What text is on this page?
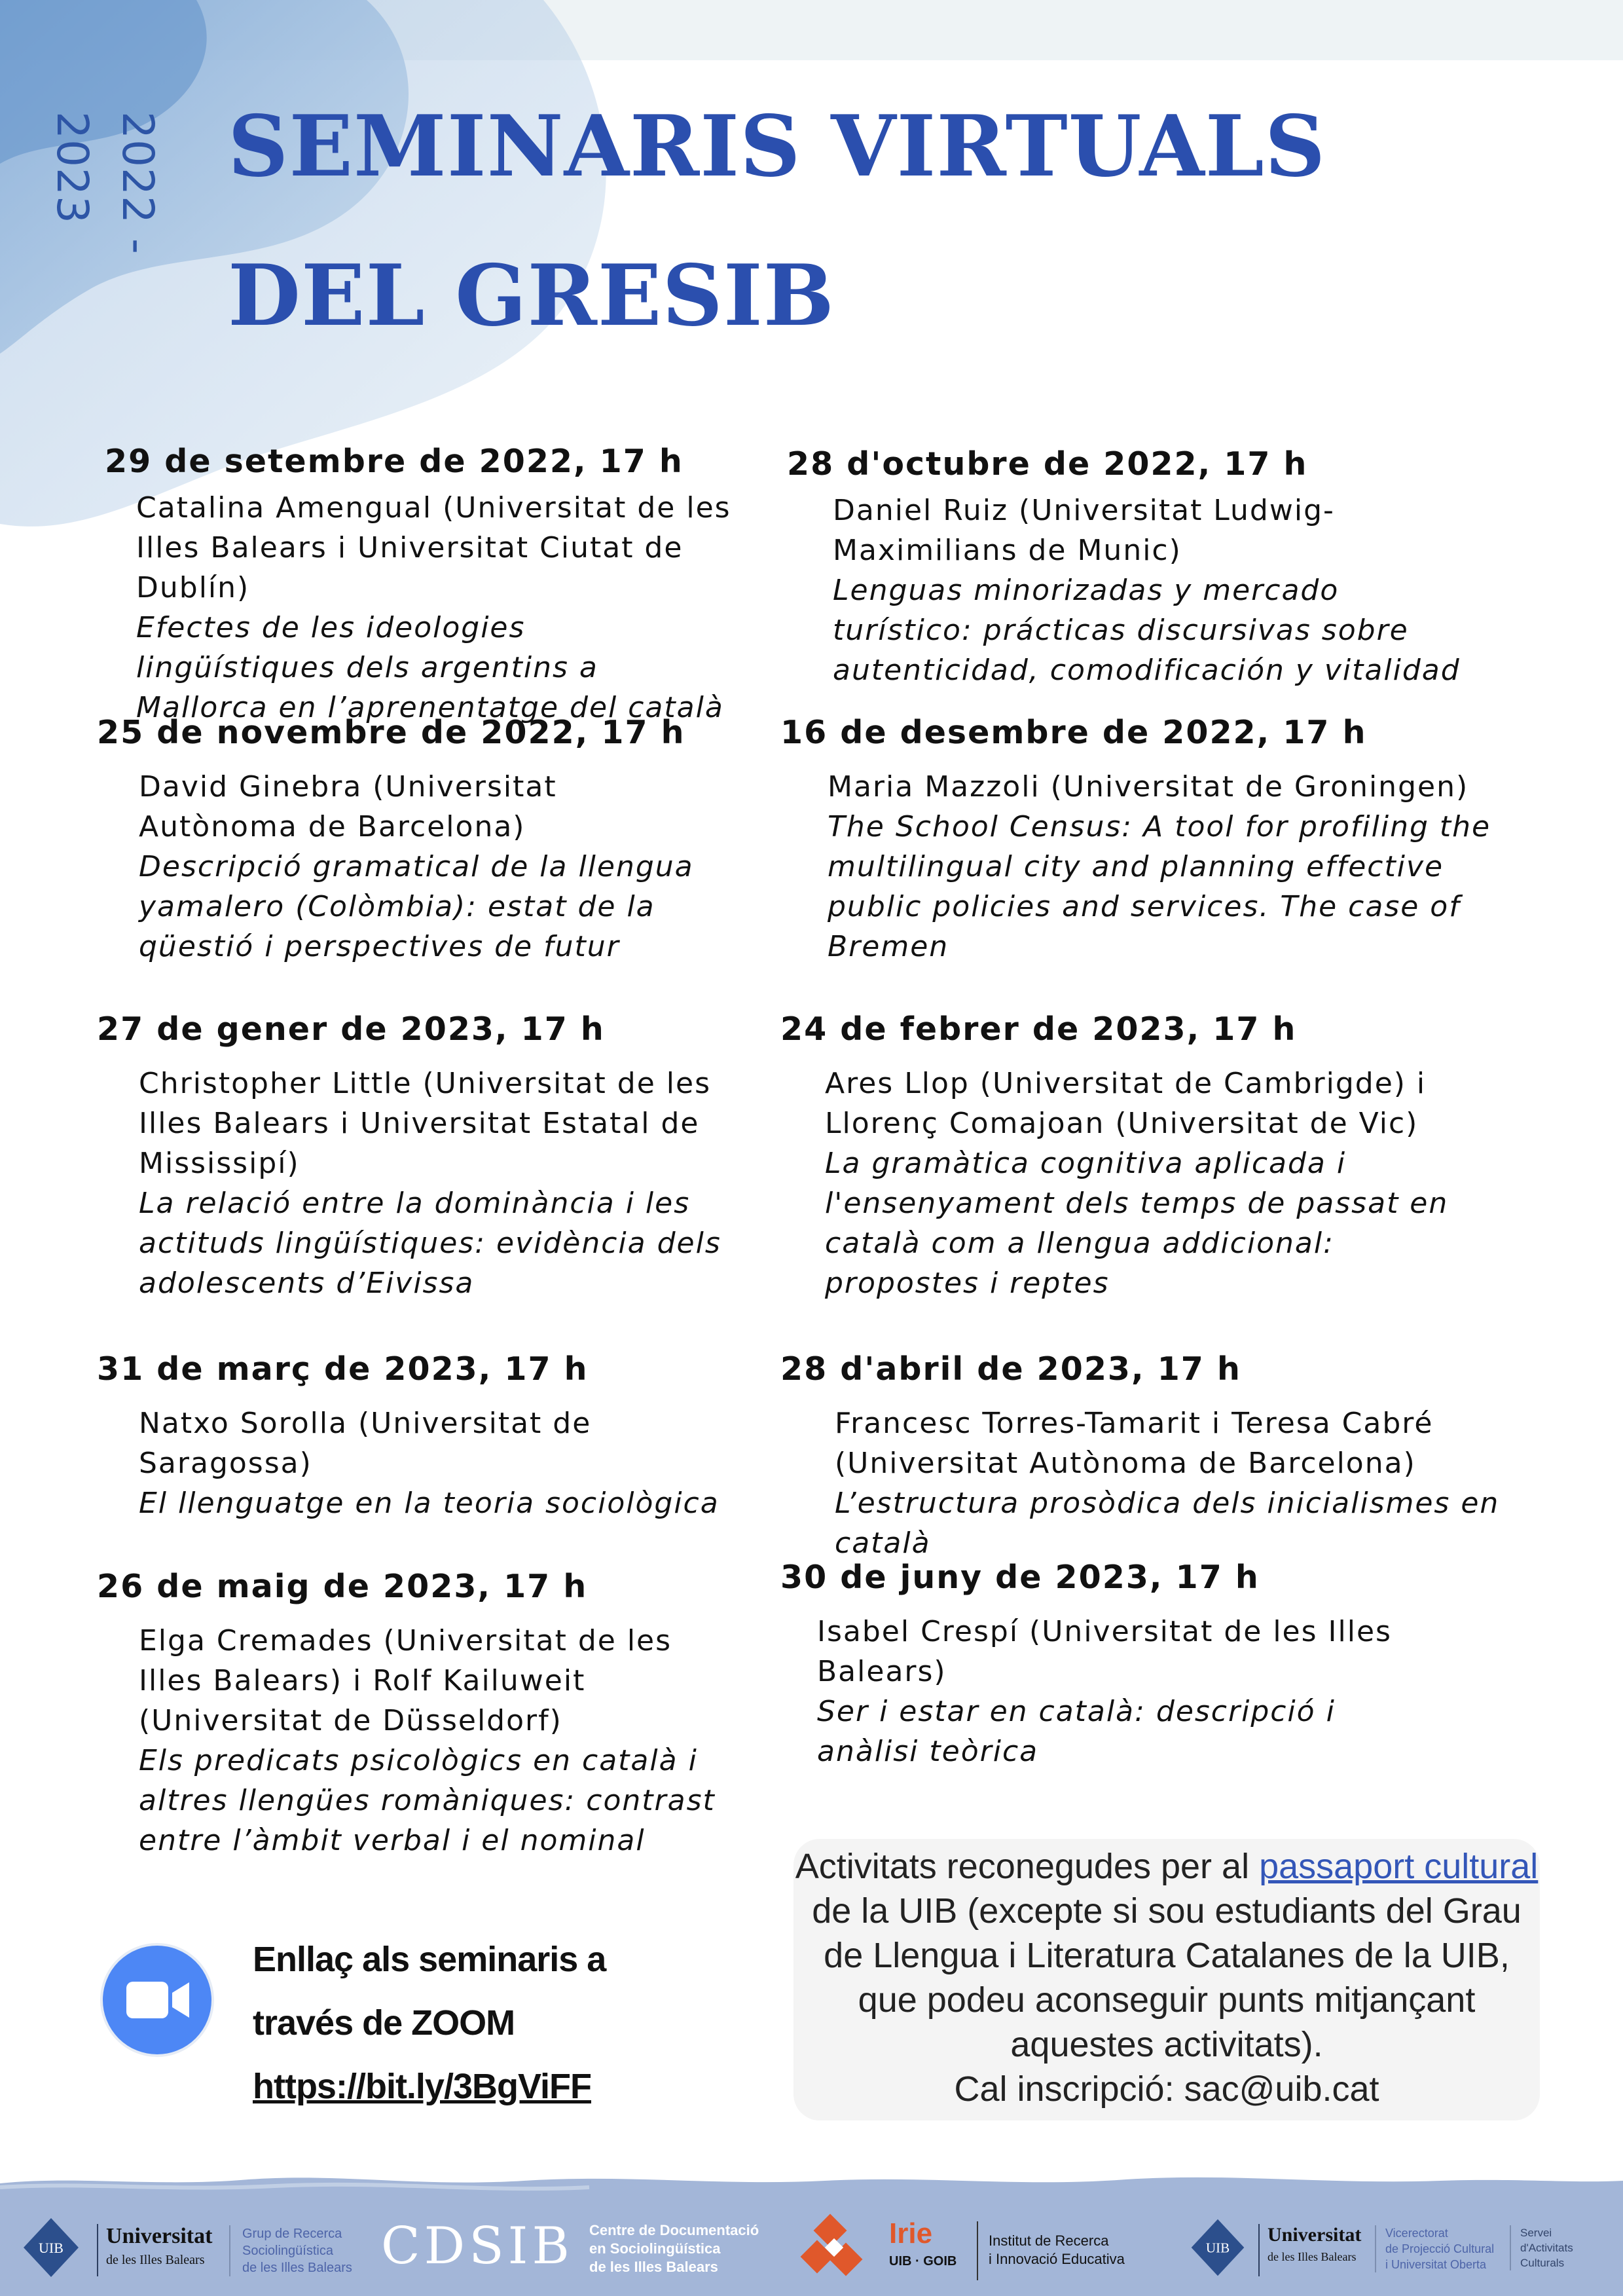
2022 - 2023	SEMINARIS VIRTUALS
DEL GRESIB
29 de setembre de 2022, 17 h
Catalina Amengual (Universitat de les Illes Balears i Universitat Ciutat de Dublín)
Efectes de les ideologies lingüístiques dels argentins a Mallorca en l’aprenentatge del català
25 de novembre de 2022, 17 h
David Ginebra (Universitat Autònoma de Barcelona)
Descripció gramatical de la llengua yamalero (Colòmbia): estat de la qüestió i perspectives de futur
27 de gener de 2023, 17 h
Christopher Little (Universitat de les Illes Balears i Universitat Estatal de Mississipí)
La relació entre la dominància i les actituds lingüístiques: evidència dels adolescents d’Eivissa
31 de març de 2023, 17 h
Natxo Sorolla (Universitat de Saragossa)
El llenguatge en la teoria sociològica
26 de maig de 2023, 17 h
Elga Cremades (Universitat de les Illes Balears) i Rolf Kailuweit (Universitat de Düsseldorf)
Els predicats psicològics en català i altres llengües romàniques: contrast entre l’àmbit verbal i el nominal
28 d'octubre de 2022, 17 h
Daniel Ruiz (Universitat Ludwig-Maximilians de Munic)
Lenguas minorizadas y mercado turístico: prácticas discursivas sobre autenticidad, comodificación y vitalidad
16 de desembre de 2022, 17 h
Maria Mazzoli (Universitat de Groningen)
The School Census: A tool for profiling the multilingual city and planning effective public policies and services. The case of Bremen
24 de febrer de 2023, 17 h
Ares Llop (Universitat de Cambrigde) i Llorenç Comajoan (Universitat de Vic)
La gramàtica cognitiva aplicada i l'ensenyament dels temps de passat en català com a llengua addicional: propostes i reptes
28 d'abril de 2023, 17 h
Francesc Torres-Tamarit i Teresa Cabré (Universitat Autònoma de Barcelona)
L’estructura prosòdica dels inicialismes en català
30 de juny de 2023, 17 h
Isabel Crespí (Universitat de les Illes Balears)
Ser i estar en català: descripció i anàlisi teòrica
Enllaç als seminaris a
través de ZOOM
https://bit.ly/3BgViFF
Activitats reconegudes per al passaport cultural de la UIB (excepte si sou estudiants del Grau de Llengua i Literatura Catalanes de la UIB, que podeu aconseguir punts mitjançant aquestes activitats).
Cal inscripció: sac@uib.cat
UIB Universitat
de les Illes Balears
Grup de Recerca
Sociolingüística
de les Illes Balears CDSIB Centre de Documentació
en Sociolingüística
de les Illes Balears
Irie
UIB · GOIB
Institut de Recerca
i Innovació Educativa
UIB
Universitat
de les Illes Balears
Vicerectorat
de Projecció Cultural
i Universitat Oberta
Servei
d'Activitats
Culturals
